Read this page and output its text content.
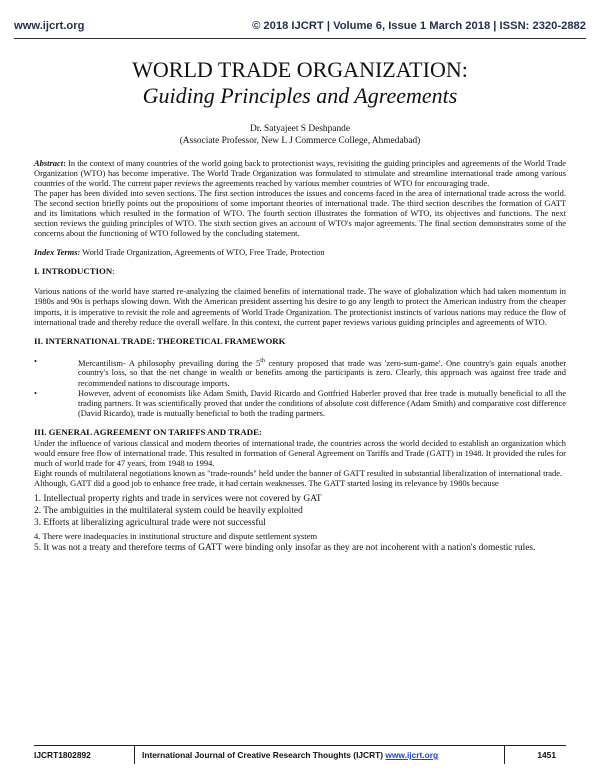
www.ijcrt.org	© 2018 IJCRT | Volume 6, Issue 1 March 2018 | ISSN: 2320-2882
WORLD TRADE ORGANIZATION:
Guiding Principles and Agreements
Dr. Satyajeet S Deshpande
(Associate Professor, New L J Commerce College, Ahmedabad)

Abstract: In the context of many countries of the world going back to protectionist ways, revisiting the guiding principles and agreements of the World Trade Organization (WTO) has become imperative. The World Trade Organization was formulated to stimulate and streamline international trade among various countries of the world. The current paper reviews the agreements reached by various member countries of WTO for encouraging trade.

The paper has been divided into seven sections. The first section introduces the issues and concerns faced in the area of international trade across the world. The second section briefly points out the propositions of some important theories of international trade. The third section describes the formation of GATT and its limitations which resulted in the formation of WTO. The fourth section illustrates the formation of WTO, its objectives and functions. The next section reviews the guiding principles of WTO. The sixth section gives an account of WTO's major agreements. The final section demonstrates some of the concerns about the functioning of WTO followed by the concluding statement.

Index Terms: World Trade Organization, Agreements of WTO, Free Trade, Protection

I. INTRODUCTION:

Various nations of the world have started re-analyzing the claimed benefits of international trade. The wave of globalization which had taken momentum in 1980s and 90s is perhaps slowing down. With the American president asserting his desire to go any length to protect the American industry from the cheaper imports, it is imperative to revisit the role and agreements of World Trade Organization. The protectionist instincts of various nations may reduce the flow of international trade and thereby reduce the overall welfare. In this context, the current paper reviews various guiding principles and agreements of WTO.

II. INTERNATIONAL TRADE: THEORETICAL FRAMEWORK

•	Mercantilism- A philosophy prevailing during the 5th century proposed that trade was 'zero-sum-game'. One country's gain equals another country's loss, so that the net change in wealth or benefits among the participants is zero. Clearly, this approach was against free trade and recommended nations to discourage imports.
•	However, advent of economists like Adam Smith, David Ricardo and Gottfried Haberler proved that free trade is mutually beneficial to all the trading partners. It was scientifically proved that under the conditions of absolute cost difference (Adam Smith) and comparative cost difference (David Ricardo), trade is mutually beneficial to both the trading partners.

III. GENERAL AGREEMENT ON TARIFFS AND TRADE:

Under the influence of various classical and modern theories of international trade, the countries across the world decided to establish an organization which would ensure free flow of international trade. This resulted in formation of General Agreement on Tariffs and Trade (GATT) in 1948. It provided the rules for much of world trade for 47 years, from 1948 to 1994.

Eight rounds of multilateral negotiations known as "trade-rounds" held under the banner of GATT resulted in substantial liberalization of international trade.

Although, GATT did a good job to enhance free trade, it had certain weaknesses. The GATT started losing its relevance by 1980s because

1. Intellectual property rights and trade in services were not covered by GAT
2. The ambiguities in the multilateral system could be heavily exploited
3. Efforts at liberalizing agricultural trade were not successful
4. There were inadequacies in institutional structure and dispute settlement system
5. It was not a treaty and therefore terms of GATT were binding only insofar as they are not incoherent with a nation's domestic rules.
IJCRT1802892	International Journal of Creative Research Thoughts (IJCRT) www.ijcrt.org	1451
